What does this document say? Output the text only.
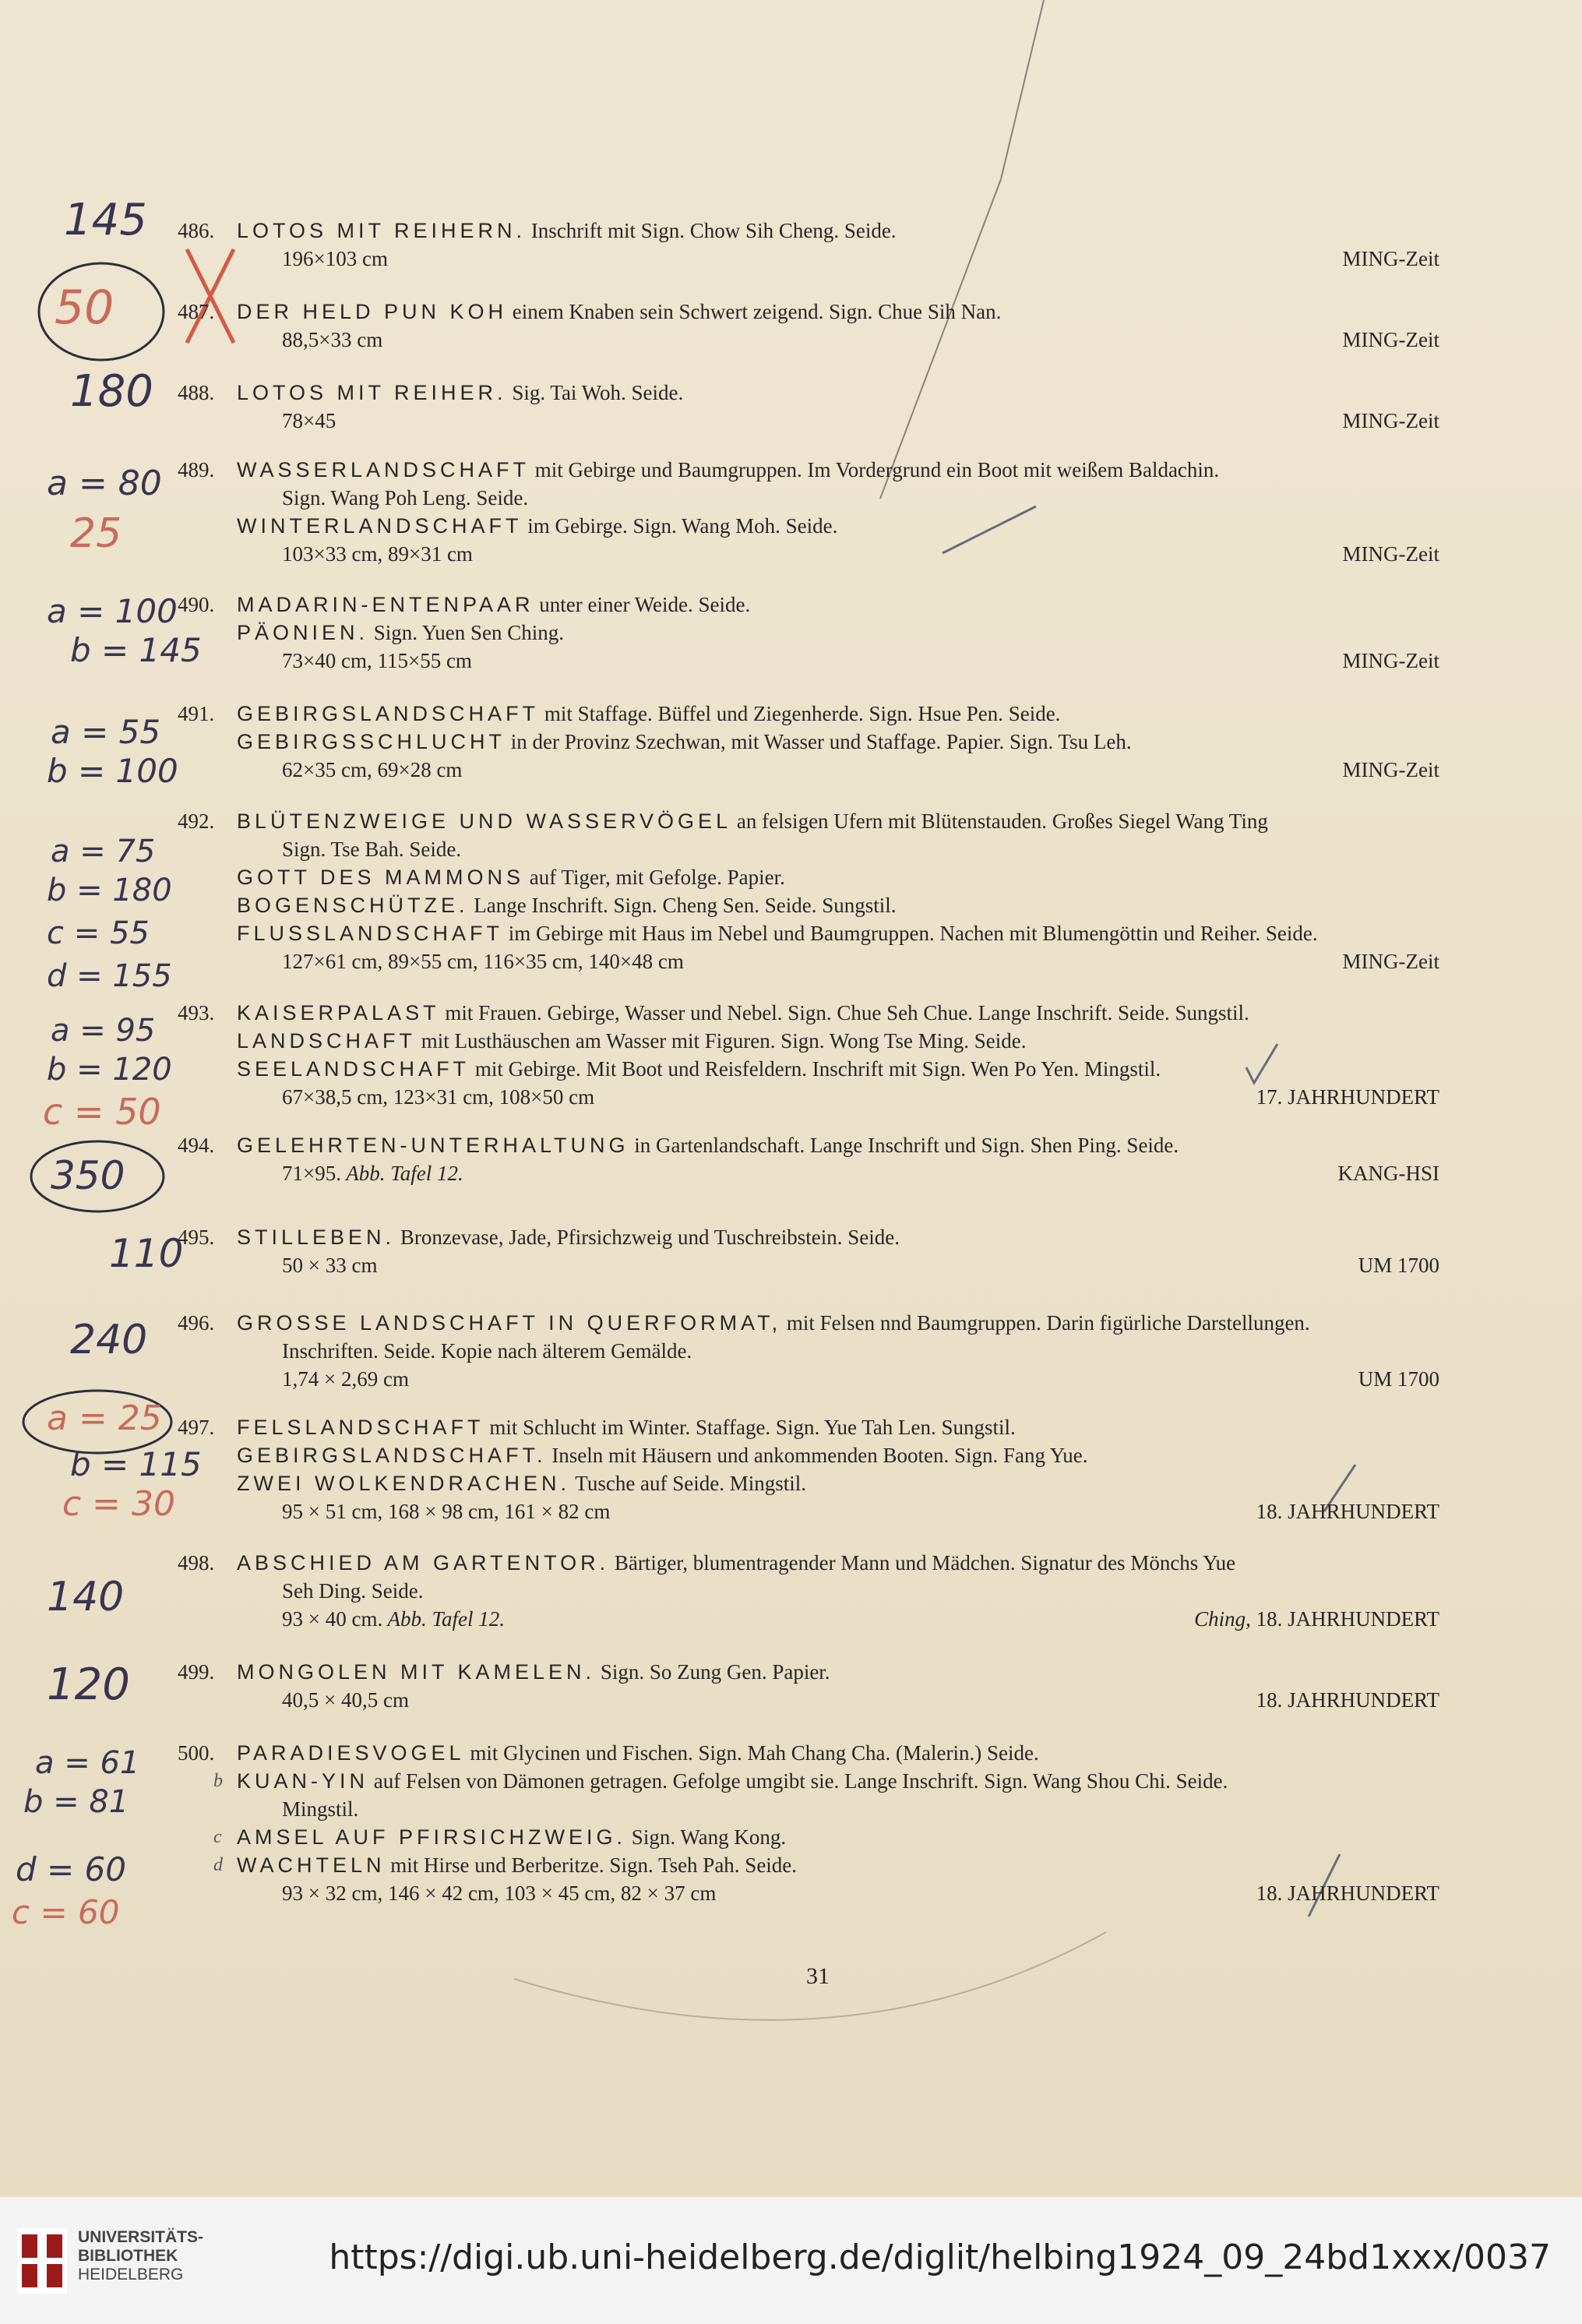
145
50
180
a = 80
25
a = 100
b = 145
a = 55
b = 100
a = 75
b = 180
c = 55
d = 155
a = 95
b = 120
c = 50
350
110
240
a = 25
b = 115
c = 30
140
120
a = 61
b = 81
d = 60
c = 60
486.	LOTOS MIT REIHERN. Inschrift mit Sign. Chow Sih Cheng. Seide.
196×103 cm	MING-Zeit
487.	DER HELD PUN KOH einem Knaben sein Schwert zeigend. Sign. Chue Sih Nan.
88,5×33 cm	MING-Zeit
488.	LOTOS MIT REIHER. Sig. Tai Woh. Seide.
78×45	MING-Zeit
489.	WASSERLANDSCHAFT mit Gebirge und Baumgruppen. Im Vordergrund ein Boot mit weißem Baldachin.
Sign. Wang Poh Leng. Seide.
WINTERLANDSCHAFT im Gebirge. Sign. Wang Moh. Seide.
103×33 cm, 89×31 cm	MING-Zeit
490.	MADARIN-ENTENPAAR unter einer Weide. Seide.
PÄONIEN. Sign. Yuen Sen Ching.
73×40 cm, 115×55 cm	MING-Zeit
491.	GEBIRGSLANDSCHAFT mit Staffage. Büffel und Ziegenherde. Sign. Hsue Pen. Seide.
GEBIRGSSCHLUCHT in der Provinz Szechwan, mit Wasser und Staffage. Papier. Sign. Tsu Leh.
62×35 cm, 69×28 cm	MING-Zeit
492.	BLÜTENZWEIGE UND WASSERVÖGEL an felsigen Ufern mit Blütenstauden. Großes Siegel Wang Ting
Sign. Tse Bah. Seide.
GOTT DES MAMMONS auf Tiger, mit Gefolge. Papier.
BOGENSCHÜTZE. Lange Inschrift. Sign. Cheng Sen. Seide. Sungstil.
FLUSSLANDSCHAFT im Gebirge mit Haus im Nebel und Baumgruppen. Nachen mit Blumengöttin und Reiher. Seide.
127×61 cm, 89×55 cm, 116×35 cm, 140×48 cm	MING-Zeit
493.	KAISERPALAST mit Frauen. Gebirge, Wasser und Nebel. Sign. Chue Seh Chue. Lange Inschrift. Seide. Sungstil.
LANDSCHAFT mit Lusthäuschen am Wasser mit Figuren. Sign. Wong Tse Ming. Seide.
SEELANDSCHAFT mit Gebirge. Mit Boot und Reisfeldern. Inschrift mit Sign. Wen Po Yen. Mingstil.
67×38,5 cm, 123×31 cm, 108×50 cm	17. JAHRHUNDERT
494.	GELEHRTEN-UNTERHALTUNG in Gartenlandschaft. Lange Inschrift und Sign. Shen Ping. Seide.
71×95. Abb. Tafel 12.	KANG-HSI
495.	STILLEBEN. Bronzevase, Jade, Pfirsichzweig und Tuschreibstein. Seide.
50 × 33 cm	UM 1700
496.	GROSSE LANDSCHAFT IN QUERFORMAT, mit Felsen nnd Baumgruppen. Darin figürliche Darstellungen.
Inschriften. Seide. Kopie nach älterem Gemälde.
1,74 × 2,69 cm	UM 1700
497.	FELSLANDSCHAFT mit Schlucht im Winter. Staffage. Sign. Yue Tah Len. Sungstil.
GEBIRGSLANDSCHAFT. Inseln mit Häusern und ankommenden Booten. Sign. Fang Yue.
ZWEI WOLKENDRACHEN. Tusche auf Seide. Mingstil.
95 × 51 cm, 168 × 98 cm, 161 × 82 cm	18. JAHRHUNDERT
498.	ABSCHIED AM GARTENTOR. Bärtiger, blumentragender Mann und Mädchen. Signatur des Mönchs Yue
Seh Ding. Seide.
93 × 40 cm. Abb. Tafel 12.	Ching, 18. JAHRHUNDERT
499.	MONGOLEN MIT KAMELEN. Sign. So Zung Gen. Papier.
40,5 × 40,5 cm	18. JAHRHUNDERT
500.	PARADIESVOGEL mit Glycinen und Fischen. Sign. Mah Chang Cha. (Malerin.) Seide.
b KUAN-YIN auf Felsen von Dämonen getragen. Gefolge umgibt sie. Lange Inschrift. Sign. Wang Shou Chi. Seide.
Mingstil.
c AMSEL AUF PFIRSICHZWEIG. Sign. Wang Kong.
d WACHTELN mit Hirse und Berberitze. Sign. Tseh Pah. Seide.
93 × 32 cm, 146 × 42 cm, 103 × 45 cm, 82 × 37 cm	18. JAHRHUNDERT
31
UNIVERSITÄTS-
BIBLIOTHEK
HEIDELBERG	https://digi.ub.uni-heidelberg.de/diglit/helbing1924_09_24bd1xxx/0037
